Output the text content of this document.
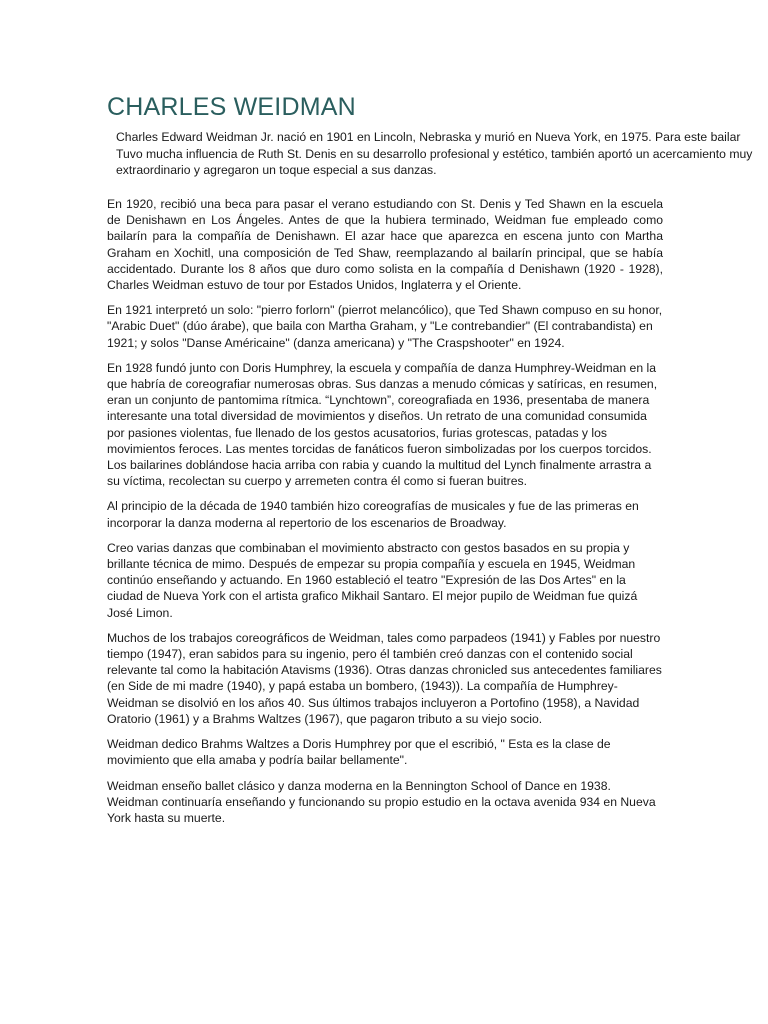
CHARLES WEIDMAN
Charles Edward Weidman Jr. nació en 1901 en Lincoln, Nebraska y murió en Nueva York, en 1975. Para este bailar
Tuvo mucha influencia de Ruth St. Denis en su desarrollo profesional y estético, también aportó un acercamiento muy
extraordinario y agregaron un toque especial a sus danzas.

En 1920, recibió una beca para pasar el verano estudiando con St. Denis y Ted Shawn en la escuela de Denishawn en Los Ángeles. Antes de que la hubiera terminado, Weidman fue empleado como bailarín para la compañía de Denishawn. El azar hace que aparezca en escena junto con Martha Graham en Xochitl, una composición de Ted Shaw, reemplazando al bailarín principal, que se había accidentado. Durante los 8 años que duro como solista en la compañía d Denishawn (1920 - 1928), Charles Weidman estuvo de tour por Estados Unidos, Inglaterra y el Oriente.

En 1921 interpretó un solo: "pierro forlorn" (pierrot melancólico), que Ted Shawn compuso en su honor, "Arabic Duet" (dúo árabe), que baila con Martha Graham, y "Le contrebandier" (El contrabandista) en 1921; y solos "Danse Américaine" (danza americana) y "The Craspshooter" en 1924.

En 1928 fundó junto con Doris Humphrey, la escuela y compañía de danza Humphrey-Weidman en la que habría de coreografiar numerosas obras. Sus danzas a menudo cómicas y satíricas, en resumen, eran un conjunto de pantomima rítmica. “Lynchtown”, coreografiada en 1936, presentaba de manera interesante una total diversidad de movimientos y diseños. Un retrato de una comunidad consumida por pasiones violentas, fue llenado de los gestos acusatorios, furias grotescas, patadas y los movimientos feroces. Las mentes torcidas de fanáticos fueron simbolizadas por los cuerpos torcidos. Los bailarines doblándose hacia arriba con rabia y cuando la multitud del Lynch finalmente arrastra a su víctima, recolectan su cuerpo y arremeten contra él como si fueran buitres.

Al principio de la década de 1940 también hizo coreografías de musicales y fue de las primeras en incorporar la danza moderna al repertorio de los escenarios de Broadway.

Creo varias danzas que combinaban el movimiento abstracto con gestos basados en su propia y brillante técnica de mimo. Después de empezar su propia compañía y escuela en 1945, Weidman continúo enseñando y actuando. En 1960 estableció el teatro "Expresión de las Dos Artes" en la ciudad de Nueva York con el artista grafico Mikhail Santaro. El mejor pupilo de Weidman fue quizá José Limon.

Muchos de los trabajos coreográficos de Weidman, tales como parpadeos (1941) y Fables por nuestro tiempo (1947), eran sabidos para su ingenio, pero él también creó danzas con el contenido social relevante tal como la habitación Atavisms (1936). Otras danzas chronicled sus antecedentes familiares (en Side de mi madre (1940), y papá estaba un bombero, (1943)). La compañía de Humphrey-Weidman se disolvió en los años 40. Sus últimos trabajos incluyeron a Portofino (1958), a Navidad Oratorio (1961) y a Brahms Waltzes (1967), que pagaron tributo a su viejo socio.

Weidman dedico Brahms Waltzes a Doris Humphrey por que el escribió, " Esta es la clase de movimiento que ella amaba y podría bailar bellamente".

Weidman enseño ballet clásico y danza moderna en la Bennington School of Dance en 1938. Weidman continuaría enseñando y funcionando su propio estudio en la octava avenida 934 en Nueva York hasta su muerte.
